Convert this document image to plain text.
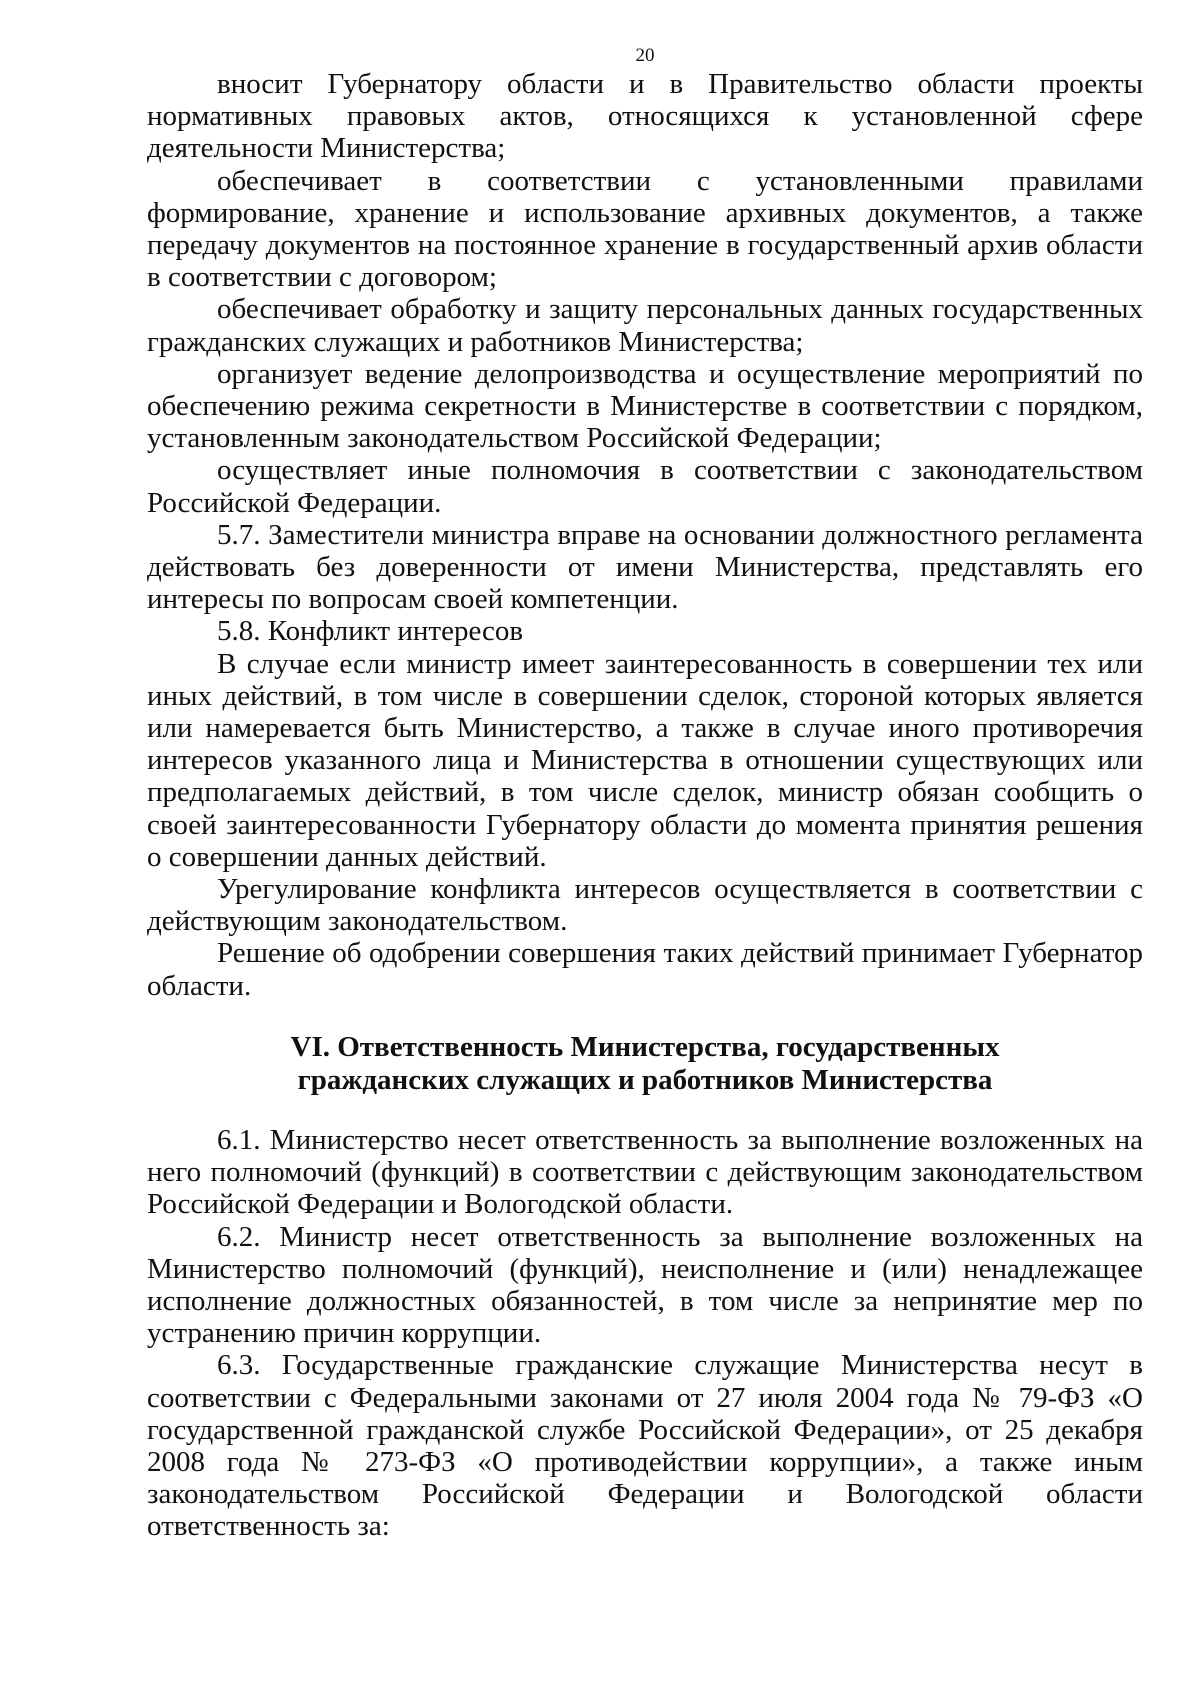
20

вносит Губернатору области и в Правительство области проекты нормативных правовых актов, относящихся к установленной сфере деятельности Министерства;

обеспечивает в соответствии с установленными правилами формирование, хранение и использование архивных документов, а также передачу документов на постоянное хранение в государственный архив области в соответствии с договором;

обеспечивает обработку и защиту персональных данных государственных гражданских служащих и работников Министерства;

организует ведение делопроизводства и осуществление мероприятий по обеспечению режима секретности в Министерстве в соответствии с порядком, установленным законодательством Российской Федерации;

осуществляет иные полномочия в соответствии с законодательством Российской Федерации.

5.7. Заместители министра вправе на основании должностного регламента действовать без доверенности от имени Министерства, представлять его интересы по вопросам своей компетенции.

5.8. Конфликт интересов

В случае если министр имеет заинтересованность в совершении тех или иных действий, в том числе в совершении сделок, стороной которых является или намеревается быть Министерство, а также в случае иного противоречия интересов указанного лица и Министерства в отношении существующих или предполагаемых действий, в том числе сделок, министр обязан сообщить о своей заинтересованности Губернатору области до момента принятия решения о совершении данных действий.

Урегулирование конфликта интересов осуществляется в соответствии с действующим законодательством.

Решение об одобрении совершения таких действий принимает Губернатор области.

VI. Ответственность Министерства, государственных
гражданских служащих и работников Министерства

6.1. Министерство несет ответственность за выполнение возложенных на него полномочий (функций) в соответствии с действующим законодательством Российской Федерации и Вологодской области.

6.2. Министр несет ответственность за выполнение возложенных на Министерство полномочий (функций), неисполнение и (или) ненадлежащее исполнение должностных обязанностей, в том числе за непринятие мер по устранению причин коррупции.

6.3. Государственные гражданские служащие Министерства несут в соответствии с Федеральными законами от 27 июля 2004 года № 79-ФЗ «О государственной гражданской службе Российской Федерации», от 25 декабря 2008 года № 273-ФЗ «О противодействии коррупции», а также иным законодательством Российской Федерации и Вологодской области ответственность за:
